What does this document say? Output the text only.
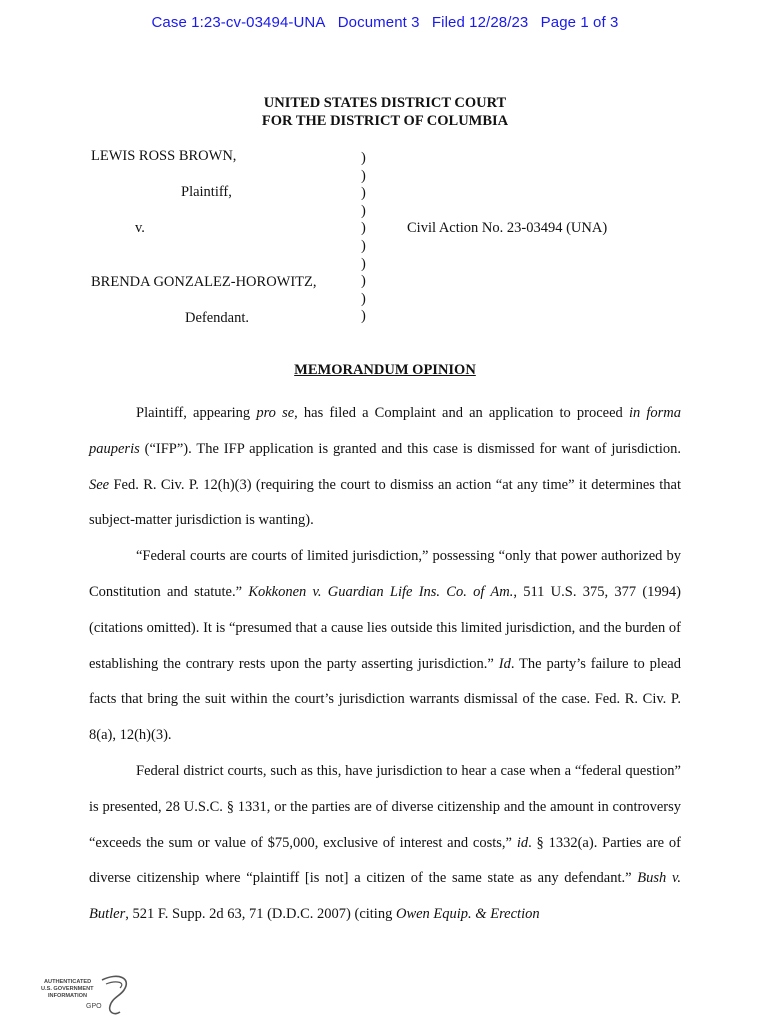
Case 1:23-cv-03494-UNA Document 3 Filed 12/28/23 Page 1 of 3
UNITED STATES DISTRICT COURT
FOR THE DISTRICT OF COLUMBIA
LEWIS ROSS BROWN,
Plaintiff,
v.
BRENDA GONZALEZ-HOROWITZ,
Defendant.
Civil Action No. 23-03494 (UNA)
)
)
)
)
)
)
)
)
)
)
MEMORANDUM OPINION

Plaintiff, appearing pro se, has filed a Complaint and an application to proceed in forma pauperis (“IFP”). The IFP application is granted and this case is dismissed for want of jurisdiction. See Fed. R. Civ. P. 12(h)(3) (requiring the court to dismiss an action “at any time” it determines that subject-matter jurisdiction is wanting).

“Federal courts are courts of limited jurisdiction,” possessing “only that power authorized by Constitution and statute.” Kokkonen v. Guardian Life Ins. Co. of Am., 511 U.S. 375, 377 (1994) (citations omitted). It is “presumed that a cause lies outside this limited jurisdiction, and the burden of establishing the contrary rests upon the party asserting jurisdiction.” Id. The party’s failure to plead facts that bring the suit within the court’s jurisdiction warrants dismissal of the case. Fed. R. Civ. P. 8(a), 12(h)(3).

Federal district courts, such as this, have jurisdiction to hear a case when a “federal question” is presented, 28 U.S.C. § 1331, or the parties are of diverse citizenship and the amount in controversy “exceeds the sum or value of $75,000, exclusive of interest and costs,” id. § 1332(a). Parties are of diverse citizenship where “plaintiff [is not] a citizen of the same state as any defendant.” Bush v. Butler, 521 F. Supp. 2d 63, 71 (D.D.C. 2007) (citing Owen Equip. & Erection

AUTHENTICATED
U.S. GOVERNMENT
INFORMATION
GPO
